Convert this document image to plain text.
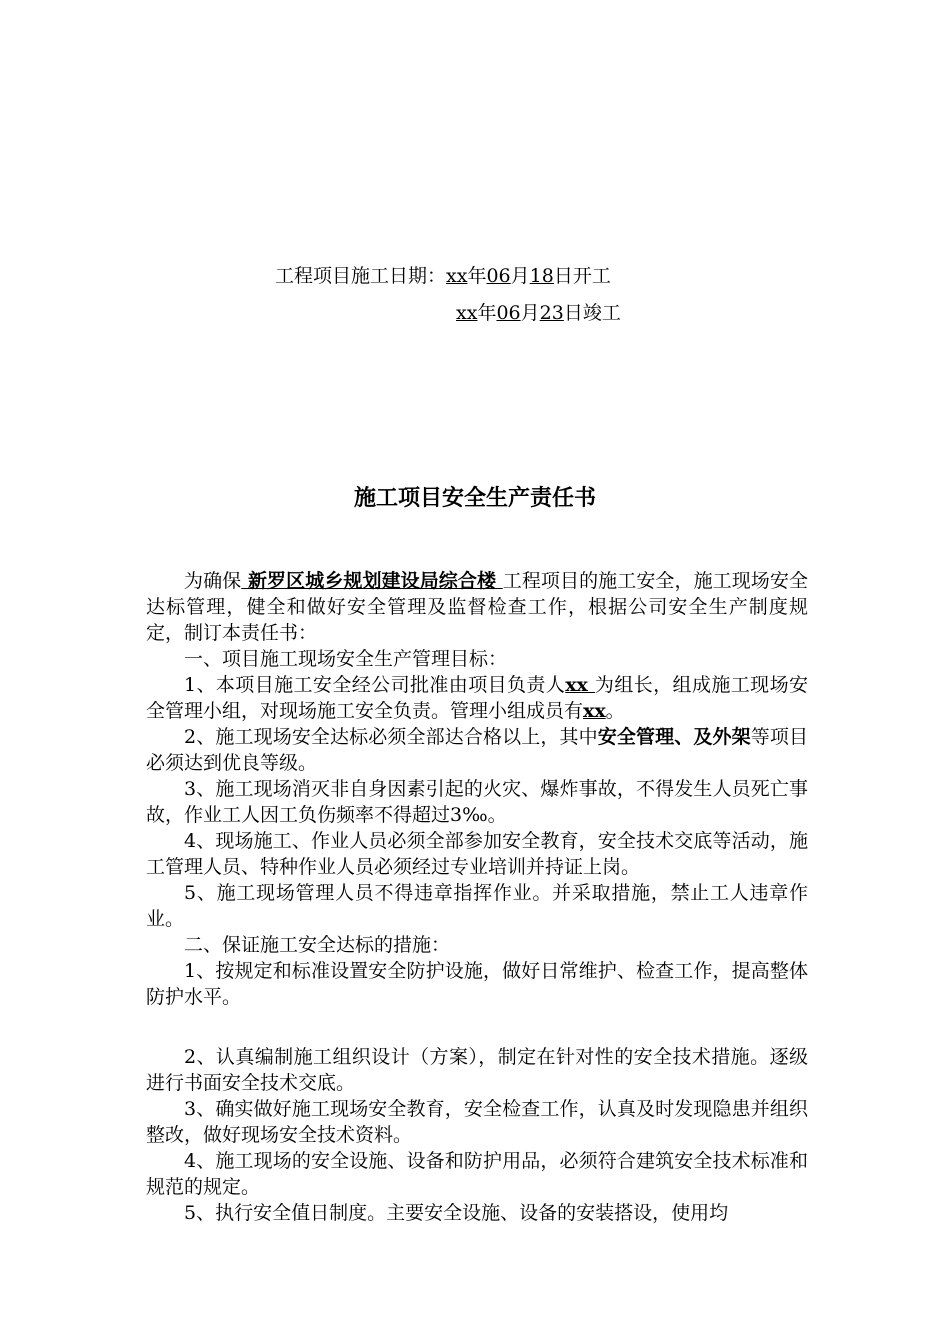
工程项目施工日期：xx年06月18日开工
xx年06月23日竣工
施工项目安全生产责任书

为确保 新罗区城乡规划建设局综合楼 工程项目的施工安全，施工现场安全达标管理，健全和做好安全管理及监督检查工作，根据公司安全生产制度规定，制订本责任书：

一、项目施工现场安全生产管理目标：

1、本项目施工安全经公司批准由项目负责人xx 为组长，组成施工现场安全管理小组，对现场施工安全负责。管理小组成员有xx。

2、施工现场安全达标必须全部达合格以上，其中安全管理、及外架等项目必须达到优良等级。

3、施工现场消灭非自身因素引起的火灾、爆炸事故，不得发生人员死亡事故，作业工人因工负伤频率不得超过3‰。

4、现场施工、作业人员必须全部参加安全教育，安全技术交底等活动，施工管理人员、特种作业人员必须经过专业培训并持证上岗。

5、施工现场管理人员不得违章指挥作业。并采取措施，禁止工人违章作业。

二、保证施工安全达标的措施：

1、按规定和标准设置安全防护设施，做好日常维护、检查工作，提高整体防护水平。

2、认真编制施工组织设计（方案），制定在针对性的安全技术措施。逐级进行书面安全技术交底。

3、确实做好施工现场安全教育，安全检查工作，认真及时发现隐患并组织整改，做好现场安全技术资料。

4、施工现场的安全设施、设备和防护用品，必须符合建筑安全技术标准和规范的规定。

5、执行安全值日制度。主要安全设施、设备的安装搭设，使用均
